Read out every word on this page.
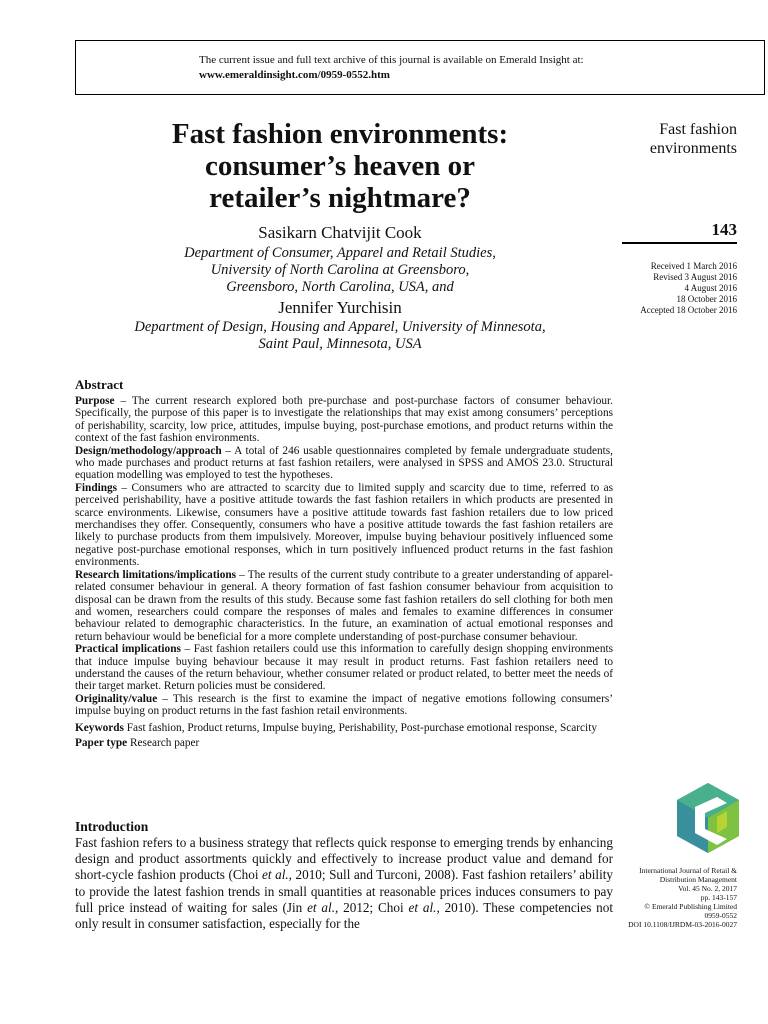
The current issue and full text archive of this journal is available on Emerald Insight at:
www.emeraldinsight.com/0959-0552.htm
Fast fashion environments:
consumer’s heaven or
retailer’s nightmare?
Sasikarn Chatvijit Cook
Department of Consumer, Apparel and Retail Studies,
University of North Carolina at Greensboro,
Greensboro, North Carolina, USA, and
Jennifer Yurchisin
Department of Design, Housing and Apparel, University of Minnesota,
Saint Paul, Minnesota, USA
Fast fashion
environments
143
Received 1 March 2016
Revised 3 August 2016
4 August 2016
18 October 2016
Accepted 18 October 2016
Abstract

Purpose – The current research explored both pre-purchase and post-purchase factors of consumer behaviour. Specifically, the purpose of this paper is to investigate the relationships that may exist among consumers’ perceptions of perishability, scarcity, low price, attitudes, impulse buying, post-purchase emotions, and product returns within the context of the fast fashion environments.

Design/methodology/approach – A total of 246 usable questionnaires completed by female undergraduate students, who made purchases and product returns at fast fashion retailers, were analysed in SPSS and AMOS 23.0. Structural equation modelling was employed to test the hypotheses.

Findings – Consumers who are attracted to scarcity due to limited supply and scarcity due to time, referred to as perceived perishability, have a positive attitude towards the fast fashion retailers in which products are presented in scarce environments. Likewise, consumers have a positive attitude towards fast fashion retailers due to low priced merchandises they offer. Consequently, consumers who have a positive attitude towards the fast fashion retailers are likely to purchase products from them impulsively. Moreover, impulse buying behaviour positively influenced some negative post-purchase emotional responses, which in turn positively influenced product returns in the fast fashion environments.

Research limitations/implications – The results of the current study contribute to a greater understanding of apparel-related consumer behaviour in general. A theory formation of fast fashion consumer behaviour from acquisition to disposal can be drawn from the results of this study. Because some fast fashion retailers do sell clothing for both men and women, researchers could compare the responses of males and females to examine differences in consumer behaviour related to demographic characteristics. In the future, an examination of actual emotional responses and return behaviour would be beneficial for a more complete understanding of post-purchase consumer behaviour.

Practical implications – Fast fashion retailers could use this information to carefully design shopping environments that induce impulse buying behaviour because it may result in product returns. Fast fashion retailers need to understand the causes of the return behaviour, whether consumer related or product related, to better meet the needs of their target market. Return policies must be considered.

Originality/value – This research is the first to examine the impact of negative emotions following consumers’ impulse buying on product returns in the fast fashion retail environments.

Keywords Fast fashion, Product returns, Impulse buying, Perishability, Post-purchase emotional response, Scarcity

Paper type Research paper

Introduction
Fast fashion refers to a business strategy that reflects quick response to emerging trends by enhancing design and product assortments quickly and effectively to increase product value and demand for short-cycle fashion products (Choi et al., 2010; Sull and Turconi, 2008). Fast fashion retailers’ ability to provide the latest fashion trends in small quantities at reasonable prices induces consumers to pay full price instead of waiting for sales (Jin et al., 2012; Choi et al., 2010). These competencies not only result in consumer satisfaction, especially for the
International Journal of Retail &
Distribution Management
Vol. 45 No. 2, 2017
pp. 143-157
© Emerald Publishing Limited
0959-0552
DOI 10.1108/IJRDM-03-2016-0027
